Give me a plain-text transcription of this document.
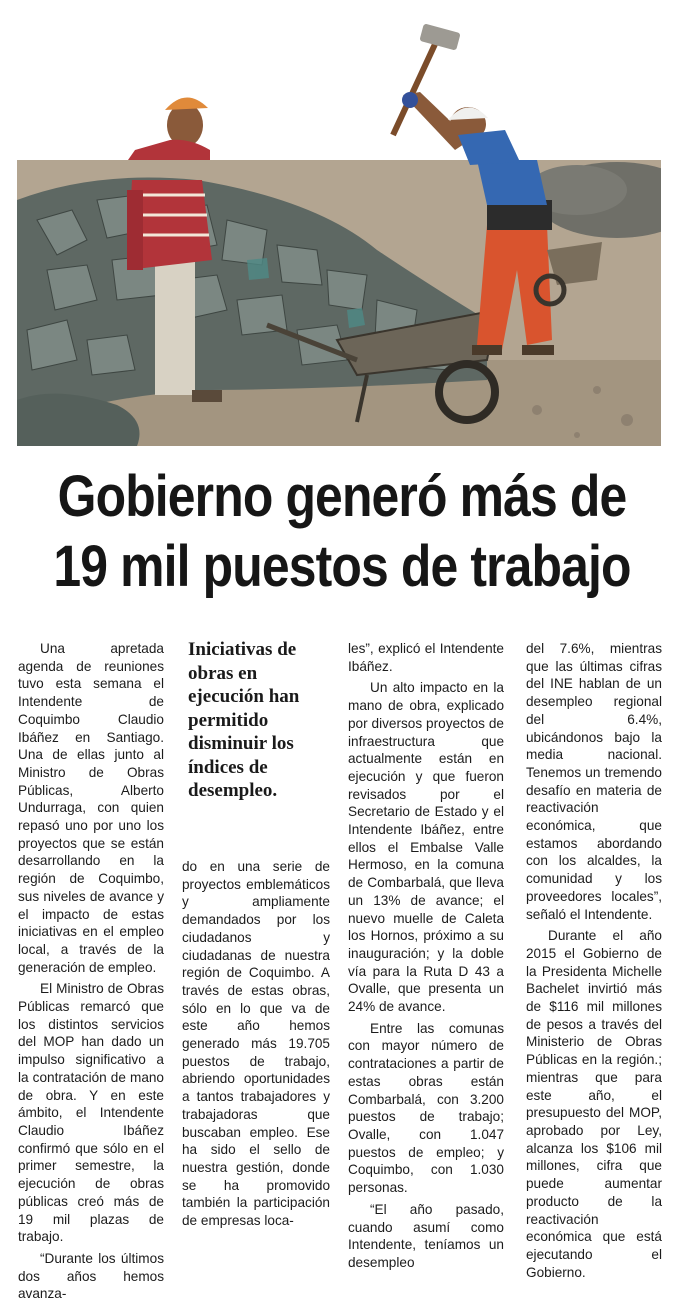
Gobierno generó más de
19 mil puestos de trabajo

Una apretada agenda de reuniones tuvo esta semana el Intendente de Coquimbo Claudio Ibáñez en Santiago. Una de ellas junto al Ministro de Obras Públicas, Alberto Undurraga, con quien repasó uno por uno los proyectos que se están desarrollando en la región de Coquimbo, sus niveles de avance y el impacto de estas iniciativas en el empleo local, a través de la generación de empleo.

El Ministro de Obras Públicas remarcó que los distintos servicios del MOP han dado un impulso significativo a la contratación de mano de obra. Y en este ámbito, el Intendente Claudio Ibáñez confirmó que sólo en el primer semestre, la ejecución de obras públicas creó más de 19 mil plazas de trabajo.

“Durante los últimos dos años hemos avanza-

Iniciativas de obras en ejecución han permitido disminuir los índices de desempleo.

do en una serie de proyectos emblemáticos y ampliamente demandados por los ciudadanos y ciudadanas de nuestra región de Coquimbo. A través de estas obras, sólo en lo que va de este año hemos generado más 19.705 puestos de trabajo, abriendo oportunidades a tantos trabajadores y trabajadoras que buscaban empleo. Ese ha sido el sello de nuestra gestión, donde se ha promovido también la participación de empresas loca-

les”, explicó el Intendente Ibáñez.

Un alto impacto en la mano de obra, explicado por diversos proyectos de infraestructura que actualmente están en ejecución y que fueron revisados por el Secretario de Estado y el Intendente Ibáñez, entre ellos el Embalse Valle Hermoso, en la comuna de Combarbalá, que lleva un 13% de avance; el nuevo muelle de Caleta los Hornos, próximo a su inauguración; y la doble vía para la Ruta D 43 a Ovalle, que presenta un 24% de avance.

Entre las comunas con mayor número de contrataciones a partir de estas obras están Combarbalá, con 3.200 puestos de trabajo; Ovalle, con 1.047 puestos de empleo; y Coquimbo, con 1.030 personas.

“El año pasado, cuando asumí como Intendente, teníamos un desempleo

del 7.6%, mientras que las últimas cifras del INE hablan de un desempleo regional del 6.4%, ubicándonos bajo la media nacional. Tenemos un tremendo desafío en materia de reactivación económica, que estamos abordando con los alcaldes, la comunidad y los proveedores locales”, señaló el Intendente.

Durante el año 2015 el Gobierno de la Presidenta Michelle Bachelet invirtió más de $116 mil millones de pesos a través del Ministerio de Obras Públicas en la región.; mientras que para este año, el presupuesto del MOP, aprobado por Ley, alcanza los $106 mil millones, cifra que puede aumentar producto de la reactivación económica que está ejecutando el Gobierno.
